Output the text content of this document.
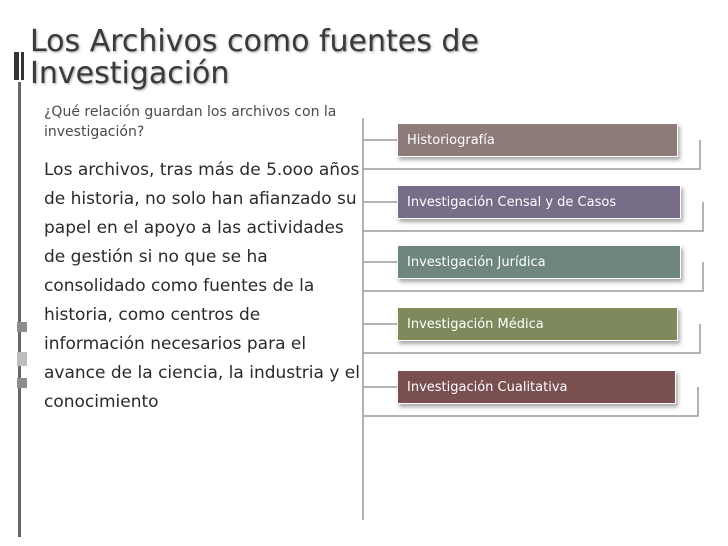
Los Archivos como fuentes de Investigación

¿Qué relación guardan los archivos con la investigación?

Los archivos, tras más de 5.ooo años de historia, no solo han afianzado su papel en el apoyo a las actividades de gestión si no que se ha consolidado como fuentes de la historia, como centros de información necesarios para el avance de la ciencia, la industria y el conocimiento

Historiografía
Investigación Censal y de Casos
Investigación Jurídica
Investigación Médica
Investigación Cualitativa
